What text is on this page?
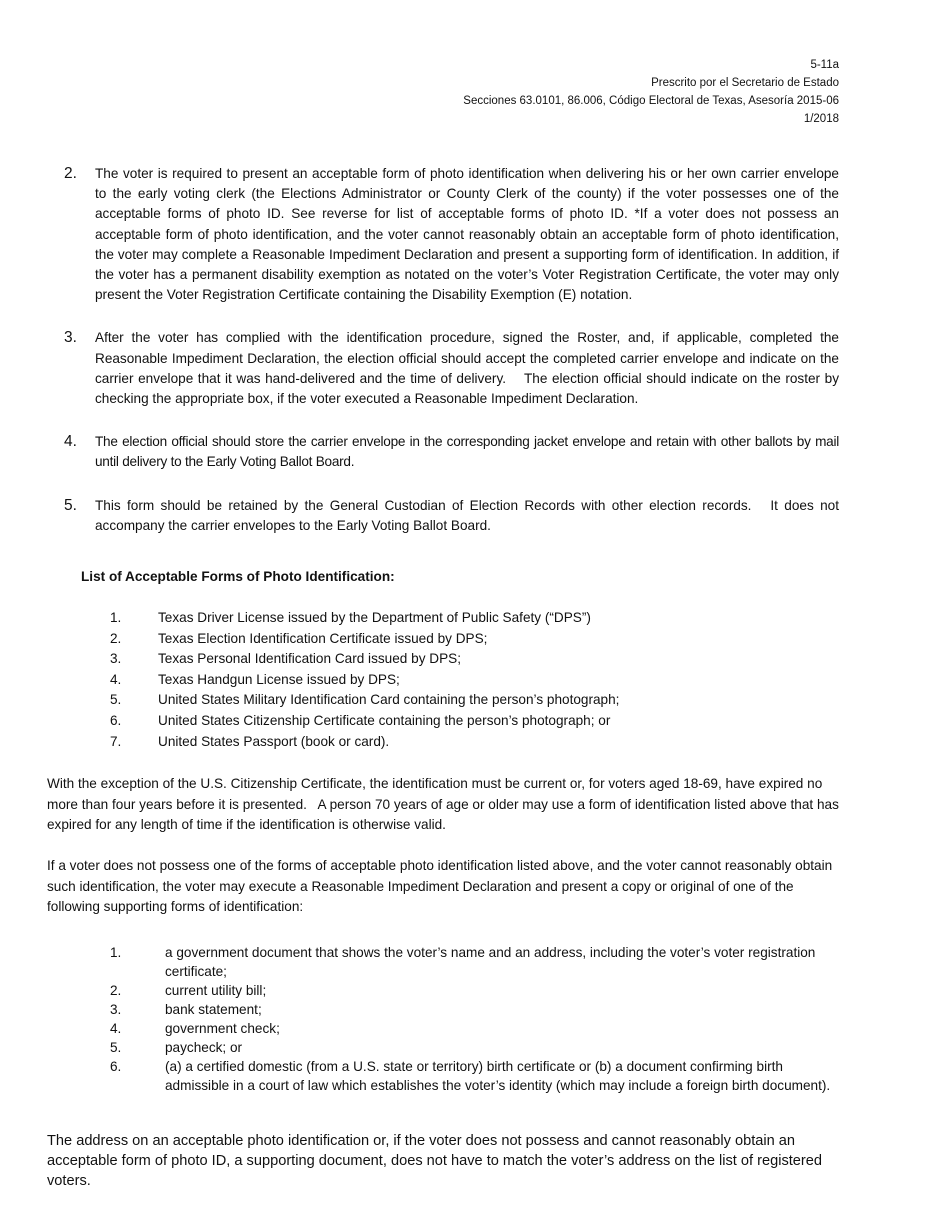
5-11a
Prescrito por el Secretario de Estado
Secciones 63.0101, 86.006, Código Electoral de Texas, Asesoría 2015-06
1/2018
2.	The voter is required to present an acceptable form of photo identification when delivering his or her own carrier envelope to the early voting clerk (the Elections Administrator or County Clerk of the county) if the voter possesses one of the acceptable forms of photo ID. See reverse for list of acceptable forms of photo ID. *If a voter does not possess an acceptable form of photo identification, and the voter cannot reasonably obtain an acceptable form of photo identification, the voter may complete a Reasonable Impediment Declaration and present a supporting form of identification. In addition, if the voter has a permanent disability exemption as notated on the voter’s Voter Registration Certificate, the voter may only present the Voter Registration Certificate containing the Disability Exemption (E) notation.
3.	After the voter has complied with the identification procedure, signed the Roster, and, if applicable, completed the Reasonable Impediment Declaration, the election official should accept the completed carrier envelope and indicate on the carrier envelope that it was hand-delivered and the time of delivery.    The election official should indicate on the roster by checking the appropriate box, if the voter executed a Reasonable Impediment Declaration.
4.	The election official should store the carrier envelope in the corresponding jacket envelope and retain with other ballots by mail until delivery to the Early Voting Ballot Board.
5.	This form should be retained by the General Custodian of Election Records with other election records.   It does not accompany the carrier envelopes to the Early Voting Ballot Board.
List of Acceptable Forms of Photo Identification:
1.	Texas Driver License issued by the Department of Public Safety (“DPS”)
2.	Texas Election Identification Certificate issued by DPS;
3.	Texas Personal Identification Card issued by DPS;
4.	Texas Handgun License issued by DPS;
5.	United States Military Identification Card containing the person’s photograph;
6.	United States Citizenship Certificate containing the person’s photograph; or
7.	United States Passport (book or card).
With the exception of the U.S. Citizenship Certificate, the identification must be current or, for voters aged 18-69, have expired no more than four years before it is presented.   A person 70 years of age or older may use a form of identification listed above that has expired for any length of time if the identification is otherwise valid.
If a voter does not possess one of the forms of acceptable photo identification listed above, and the voter cannot reasonably obtain such identification, the voter may execute a Reasonable Impediment Declaration and present a copy or original of one of the following supporting forms of identification:
1.	a government document that shows the voter’s name and an address, including the voter’s voter registration certificate;
2.	current utility bill;
3.	bank statement;
4.	government check;
5.	paycheck; or
6.	(a) a certified domestic (from a U.S. state or territory) birth certificate or (b) a document confirming birth admissible in a court of law which establishes the voter’s identity (which may include a foreign birth document).
The address on an acceptable photo identification or, if the voter does not possess and cannot reasonably obtain an acceptable form of photo ID, a supporting document, does not have to match the voter’s address on the list of registered voters.
